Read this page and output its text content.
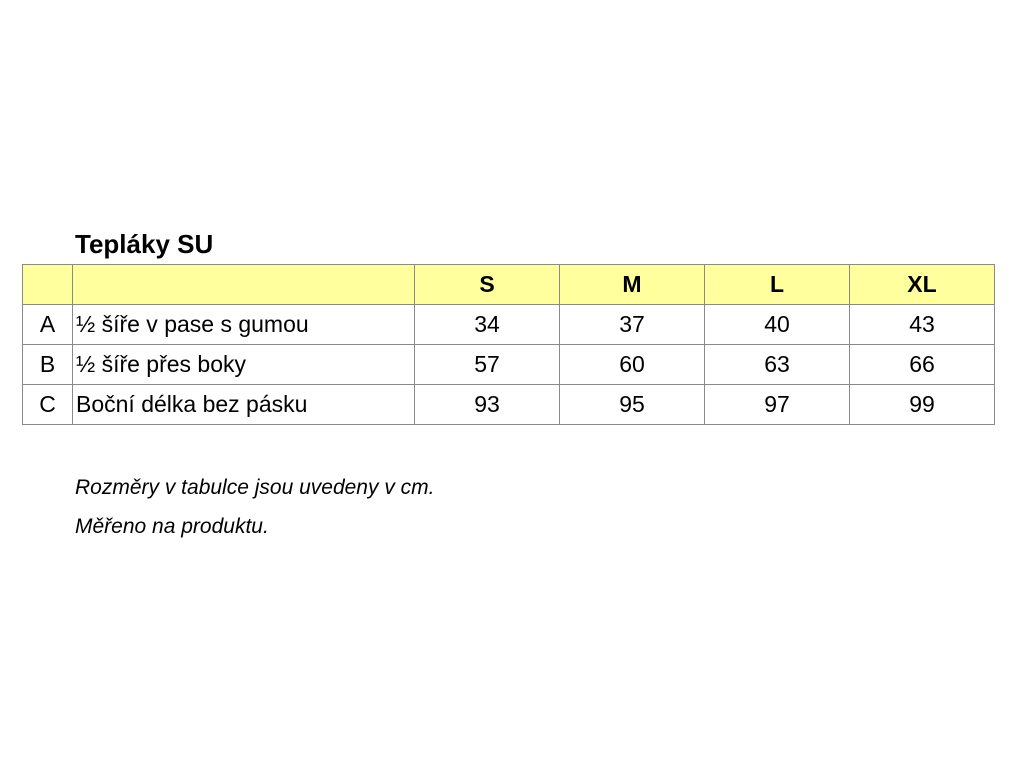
Tepláky SU
		S	M	L	XL
A	½ šíře v pase s gumou	34	37	40	43
B	½ šíře přes boky	57	60	63	66
C	Boční délka bez pásku	93	95	97	99
Rozměry v tabulce jsou uvedeny v cm.
Měřeno na produktu.
